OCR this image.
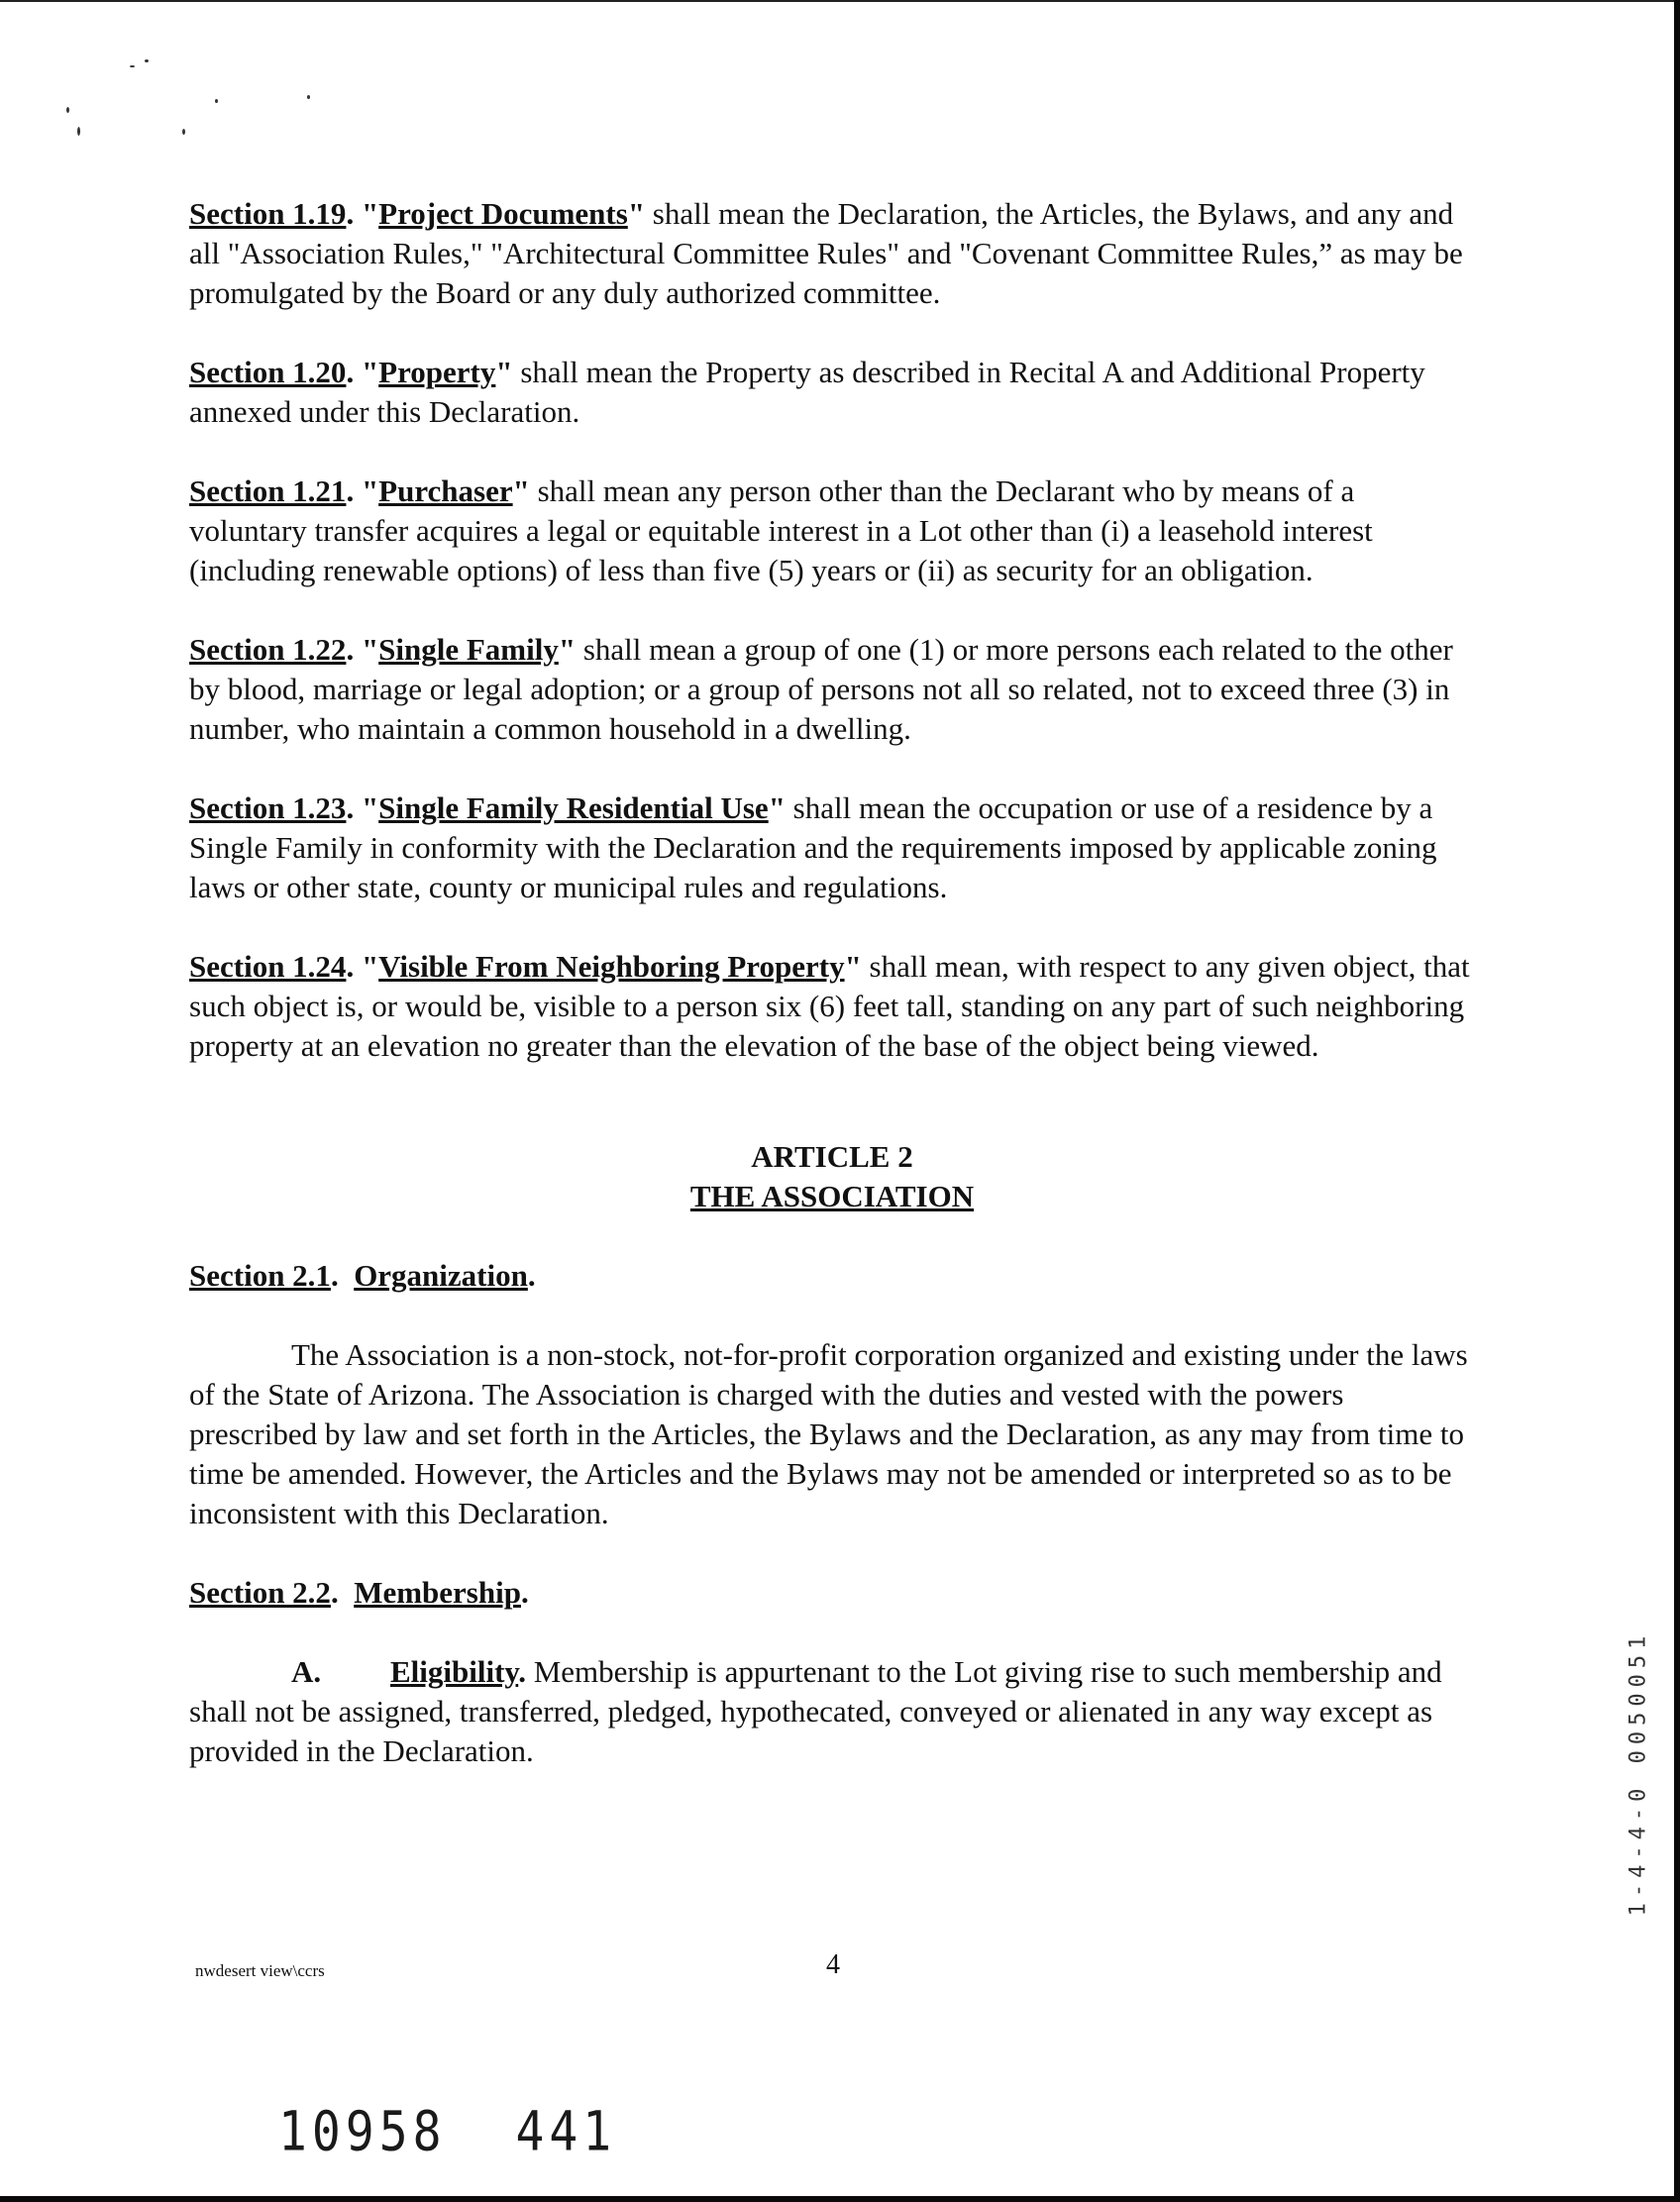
Section 1.19. "Project Documents" shall mean the Declaration, the Articles, the Bylaws, and any and all "Association Rules," "Architectural Committee Rules" and "Covenant Committee Rules,” as may be promulgated by the Board or any duly authorized committee.

Section 1.20. "Property" shall mean the Property as described in Recital A and Additional Property annexed under this Declaration.

Section 1.21. "Purchaser" shall mean any person other than the Declarant who by means of a voluntary transfer acquires a legal or equitable interest in a Lot other than (i) a leasehold interest (including renewable options) of less than five (5) years or (ii) as security for an obligation.

Section 1.22. "Single Family" shall mean a group of one (1) or more persons each related to the other by blood, marriage or legal adoption; or a group of persons not all so related, not to exceed three (3) in number, who maintain a common household in a dwelling.

Section 1.23. "Single Family Residential Use" shall mean the occupation or use of a residence by a Single Family in conformity with the Declaration and the requirements imposed by applicable zoning laws or other state, county or municipal rules and regulations.

Section 1.24. "Visible From Neighboring Property" shall mean, with respect to any given object, that such object is, or would be, visible to a person six (6) feet tall, standing on any part of such neighboring property at an elevation no greater than the elevation of the base of the object being viewed.

ARTICLE 2
THE ASSOCIATION
Section 2.1.  Organization.

The Association is a non-stock, not-for-profit corporation organized and existing under the laws of the State of Arizona. The Association is charged with the duties and vested with the powers prescribed by law and set forth in the Articles, the Bylaws and the Declaration, as any may from time to time be amended. However, the Articles and the Bylaws may not be amended or interpreted so as to be inconsistent with this Declaration.

Section 2.2.  Membership.

A. Eligibility. Membership is appurtenant to the Lot giving rise to such membership and shall not be assigned, transferred, pledged, hypothecated, conveyed or alienated in any way except as provided in the Declaration.

nwdesert view\ccrs	4
10958 441
1-4-4-0 0050051
